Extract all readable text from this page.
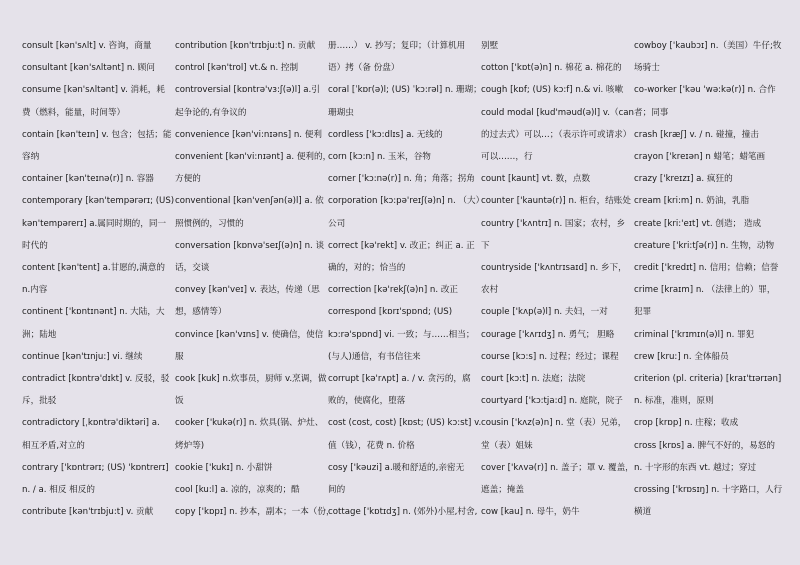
consult [kən'sʌlt] v. 咨询，商量
consultant [kən'sʌltənt] n. 顾问
consume [kən'sʌltənt] v. 消耗，耗
费（燃料，能量，时间等）
contain [kən'teɪn] v. 包含；包括；能
容纳
container [kən'teɪnə(r)] n. 容器
contemporary [kən'tempərərɪ; (US)
kən'tempərerɪ] a.属同时期的，同一
时代的
content [kən'tent] a.甘愿的,满意的
n.内容
continent ['kɒntɪnənt] n. 大陆，大
洲；陆地
continue [kən'tɪnju:] vi. 继续
contradict [kɒntrə'dɪkt] v. 反驳，驳
斥，批驳
contradictory [ˌkɒntrə'diktəri] a.
相互矛盾,对立的
contrary ['kɒntrərɪ; (US) 'kɒntrerɪ]
n. / a. 相反 相反的
contribute [kən'trɪbju:t] v. 贡献
contribution [kɒn'trɪbju:t] n. 贡献
control [kən'trol] vt.& n. 控制
controversial [kɒntrə'vɜ:ʃ(ə)l] a.引
起争论的,有争议的
convenience [kən'vi:nɪəns] n. 便利
convenient [kən'vi:nɪənt] a. 便利的，
方便的
conventional [kən'venʃən(ə)l] a. 依
照惯例的，习惯的
conversation [kɒnvə'seɪʃ(ə)n] n. 谈
话，交谈
convey [kən'veɪ] v. 表达，传递（思
想，感情等）
convince [kən'vɪns] v. 使确信，使信
服
cook [kuk] n.炊事员，厨师 v.烹调，做
饭
cooker ['kukə(r)] n. 炊具(锅、炉灶、
烤炉等)
cookie ['kukɪ] n. 小甜饼
cool [ku:l] a. 凉的，凉爽的；酷
copy ['kɒpɪ] n. 抄本，副本；一本（份，
册……） v. 抄写；复印；（计算机用
语）拷（备 份盘）
coral [ˈkɒr(ə)l; (US) ˈkɔ:rəl] n. 珊瑚；
珊瑚虫
cordless ['kɔ:dlɪs] a. 无线的
corn [kɔ:n] n. 玉米，谷物
corner ['kɔ:nə(r)] n. 角；角落；拐角
corporation [kɔ:pə'reɪʃ(ə)n] n. （大）
公司
correct [kə'rekt] v. 改正；纠正 a. 正
确的，对的；恰当的
correction [kə'rekʃ(ə)n] n. 改正
correspond [kɒrɪ'spɒnd; (US)
kɔ:rə'spɒnd] vi. 一致；与……相当；
(与人)通信，有书信往来
corrupt [kə'rʌpt] a. / v. 贪污的，腐
败的，使腐化，堕落
cost (cost, cost) [kɒst; (US) kɔ:st] v.
值（钱），花费 n. 价格
cosy ['kəuzi] a.暖和舒适的,亲密无
间的
cottage ['kɒtɪdʒ] n. (郊外)小屋,村舍,
别墅
cotton ['kɒt(ə)n] n. 棉花 a. 棉花的
cough [kɒf; (US) kɔ:f] n.& vi. 咳嗽
could modal [kud'məud(ə)l] v.（can
的过去式）可以…；（表示许可或请求）
可以……，行
count [kaunt] vt. 数，点数
counter ['kauntə(r)] n. 柜台，结账处
country ['kʌntrɪ] n. 国家；农村，乡
下
countryside ['kʌntrɪsaɪd] n. 乡下，
农村
couple ['kʌp(ə)l] n. 夫妇，一对
courage ['kʌrɪdʒ] n. 勇气； 胆略
course [kɔ:s] n. 过程；经过；课程
court [kɔ:t] n. 法庭；法院
courtyard ['kɔ:tja:d] n. 庭院，院子
cousin ['kʌz(ə)n] n. 堂（表）兄弟，
堂（表）姐妹
cover ['kʌvə(r)] n. 盖子；罩 v. 覆盖，
遮盖；掩盖
cow [kau] n. 母牛，奶牛
cowboy ['kaubɔɪ] n.（美国）牛仔;牧
场骑士
co-worker ['kəu 'wə:kə(r)] n. 合作
者；同事
crash [kræʃ] v. / n. 碰撞，撞击
crayon ['kreɪən] n 蜡笔；蜡笔画
crazy ['kreɪzɪ] a. 疯狂的
cream [kri:m] n. 奶油，乳脂
create [kri:'eɪt] vt. 创造； 造成
creature ['kri:tʃə(r)] n. 生物，动物
credit ['kredɪt] n. 信用；信赖；信誉
crime [kraɪm] n. （法律上的）罪，
犯罪
criminal ['krɪmɪn(ə)l] n. 罪犯
crew [kru:] n. 全体船员
criterion (pl. criteria) [kraɪ'tɪərɪən]
n. 标准，准则，原则
crop [krɒp] n. 庄稼；收成
cross [krɒs] a. 脾气不好的，易怒的
n. 十字形的东西 vt. 越过；穿过
crossing ['krɒsɪŋ] n. 十字路口，人行
横道
